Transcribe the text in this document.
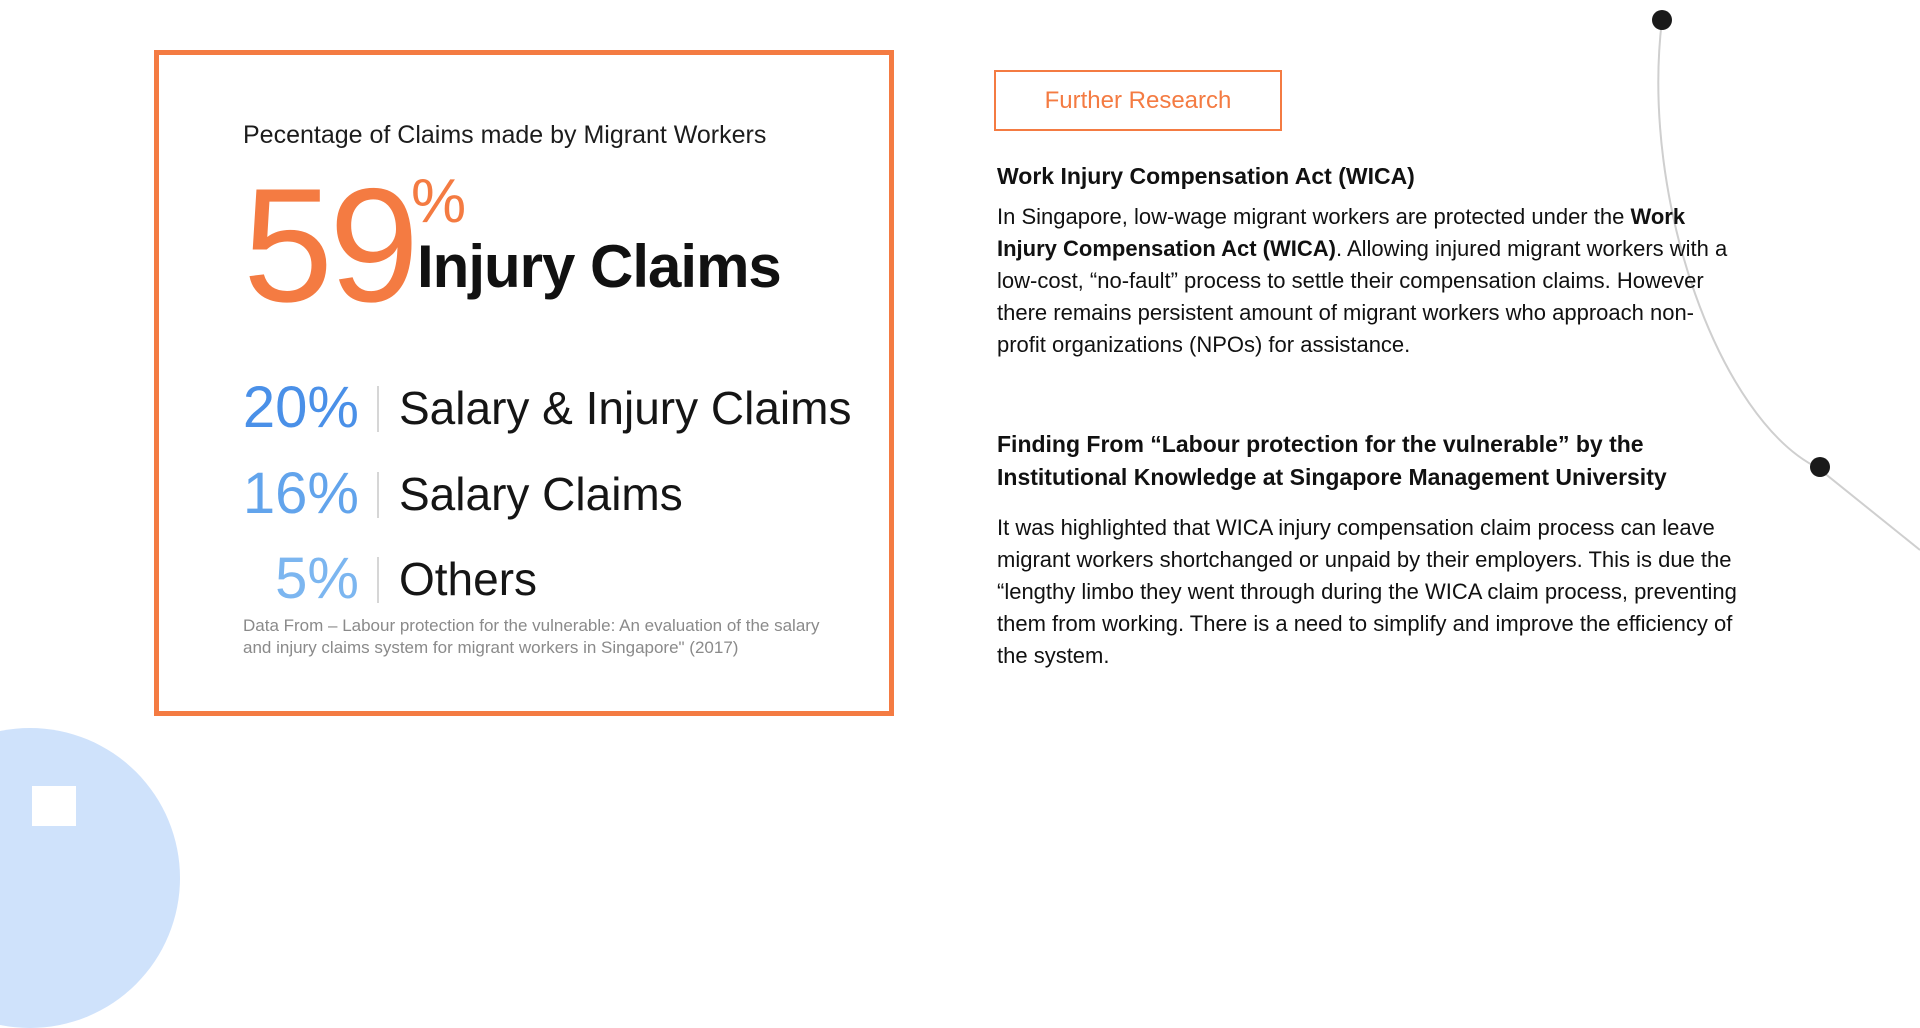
Pecentage of Claims made by Migrant Workers
59
%
Injury Claims
20% Salary & Injury Claims
16% Salary Claims
5% Others
Data From – Labour protection for the vulnerable: An evaluation of the salary and injury claims system for migrant workers in Singapore" (2017)
Further Research
Work Injury Compensation Act (WICA)

In Singapore, low-wage migrant workers are protected under the Work Injury Compensation Act (WICA). Allowing injured migrant workers with a low-cost, “no-fault” process to settle their compensation claims. However there remains persistent amount of migrant workers who approach non-profit organizations (NPOs) for assistance.

Finding From “Labour protection for the vulnerable” by the Institutional Knowledge at Singapore Management University

It was highlighted that WICA injury compensation claim process can leave migrant workers shortchanged or unpaid by their employers. This is due the “lengthy limbo they went through during the WICA claim process, preventing them from working. There is a need to simplify and improve the efficiency of the system.
